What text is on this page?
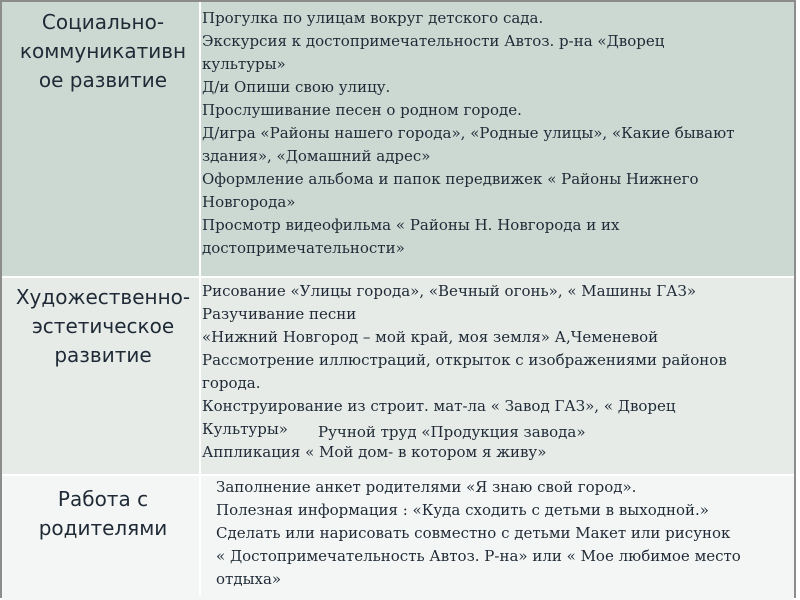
Социально-
коммуникативн
ое развитие
Прогулка по улицам вокруг детского сада.
Экскурсия к достопримечательности Автоз. р-на «Дворец
культуры»
Д/и Опиши свою улицу.
Прослушивание песен о родном городе.
Д/игра «Районы нашего города», «Родные улицы», «Какие бывают
здания», «Домашний адрес»
Оформление альбома и папок передвижек « Районы Нижнего
Новгорода»
Просмотр видеофильма « Районы Н. Новгорода и их
достопримечательности»
Художественно-
эстетическое
развитие
Рисование «Улицы города», «Вечный огонь», « Машины ГАЗ»
Разучивание песни
«Нижний Новгород – мой край, моя земля» А,Чеменевой
Рассмотрение иллюстраций, открыток с изображениями районов
города.
Конструирование из строит. мат-ла « Завод ГАЗ», « Дворец
Культуры»
Аппликация « Мой дом- в котором я живу»
Работа с
родителями
Заполнение анкет родителями «Я знаю свой город».
Полезная информация : «Куда сходить с детьми в выходной.»
Сделать или нарисовать совместно с детьми Макет или рисунок
« Достопримечательность Автоз. Р-на» или « Мое любимое место
отдыха»
Ручной труд «Продукция завода»
